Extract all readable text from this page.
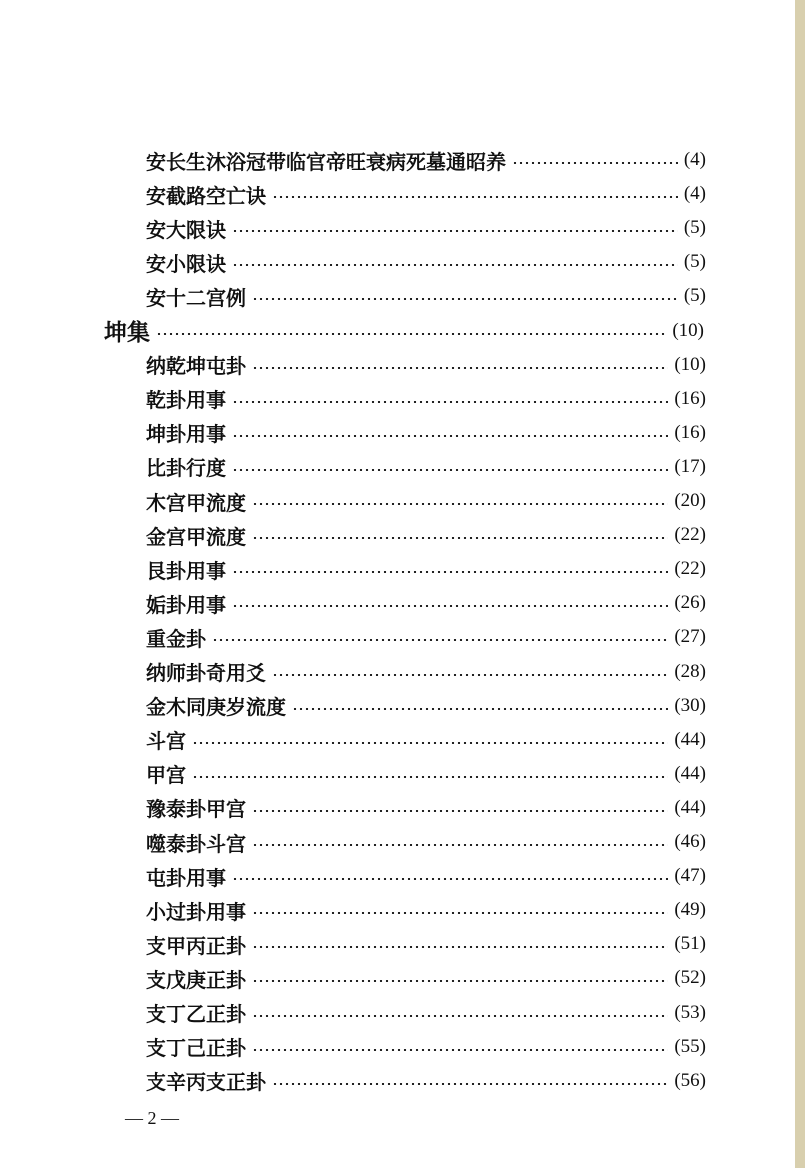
安长生沐浴冠带临官帝旺衰病死墓通昭养	(4)
安截路空亡诀	(4)
安大限诀	(5)
安小限诀	(5)
安十二宫例	(5)
坤集	(10)
纳乾坤屯卦	(10)
乾卦用事	(16)
坤卦用事	(16)
比卦行度	(17)
木宫甲流度	(20)
金宫甲流度	(22)
艮卦用事	(22)
姤卦用事	(26)
重金卦	(27)
纳师卦奇用爻	(28)
金木同庚岁流度	(30)
斗宫	(44)
甲宫	(44)
豫泰卦甲宫	(44)
噬泰卦斗宫	(46)
屯卦用事	(47)
小过卦用事	(49)
支甲丙正卦	(51)
支戊庚正卦	(52)
支丁乙正卦	(53)
支丁己正卦	(55)
支辛丙支正卦	(56)
— 2 —
